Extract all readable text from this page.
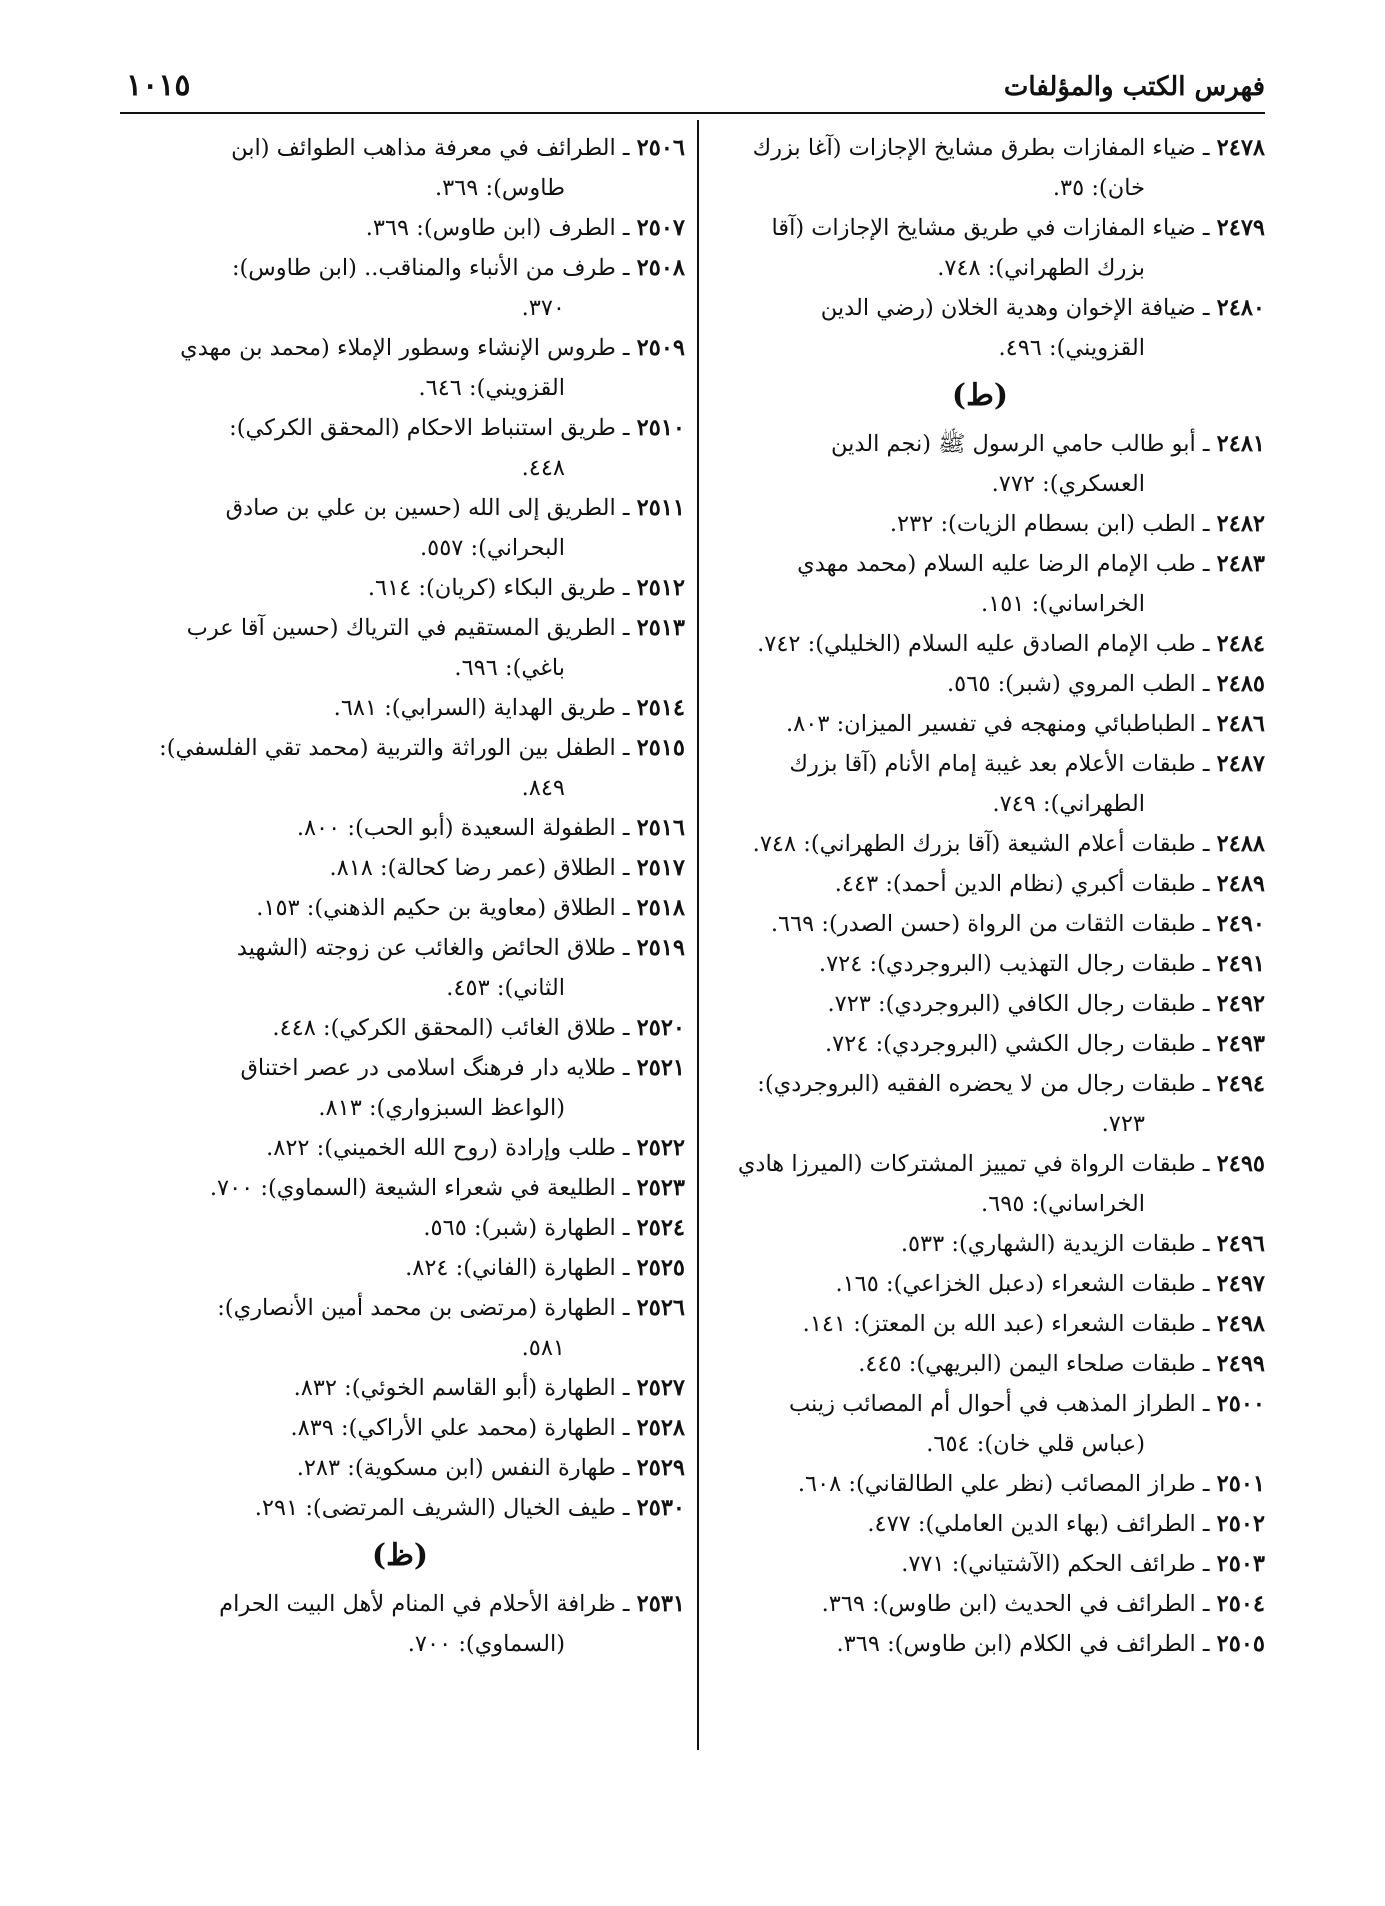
فهرس الكتب والمؤلفات
١٠١٥
٢٤٧٨ ـ ضياء المفازات بطرق مشايخ الإجازات (آغا بزرك
خان): ٣٥.
٢٤٧٩ ـ ضياء المفازات في طريق مشايخ الإجازات (آقا
بزرك الطهراني): ٧٤٨.
٢٤٨٠ ـ ضيافة الإخوان وهدية الخلان (رضي الدين
القزويني): ٤٩٦.
(ط)
٢٤٨١ ـ أبو طالب حامي الرسول ﷺ (نجم الدين
العسكري): ٧٧٢.
٢٤٨٢ ـ الطب (ابن بسطام الزيات): ٢٣٢.
٢٤٨٣ ـ طب الإمام الرضا عليه السلام (محمد مهدي
الخراساني): ١٥١.
٢٤٨٤ ـ طب الإمام الصادق عليه السلام (الخليلي): ٧٤٢.
٢٤٨٥ ـ الطب المروي (شبر): ٥٦٥.
٢٤٨٦ ـ الطباطبائي ومنهجه في تفسير الميزان: ٨٠٣.
٢٤٨٧ ـ طبقات الأعلام بعد غيبة إمام الأنام (آقا بزرك
الطهراني): ٧٤٩.
٢٤٨٨ ـ طبقات أعلام الشيعة (آقا بزرك الطهراني): ٧٤٨.
٢٤٨٩ ـ طبقات أكبري (نظام الدين أحمد): ٤٤٣.
٢٤٩٠ ـ طبقات الثقات من الرواة (حسن الصدر): ٦٦٩.
٢٤٩١ ـ طبقات رجال التهذيب (البروجردي): ٧٢٤.
٢٤٩٢ ـ طبقات رجال الكافي (البروجردي): ٧٢٣.
٢٤٩٣ ـ طبقات رجال الكشي (البروجردي): ٧٢٤.
٢٤٩٤ ـ طبقات رجال من لا يحضره الفقيه (البروجردي):
٧٢٣.
٢٤٩٥ ـ طبقات الرواة في تمييز المشتركات (الميرزا هادي
الخراساني): ٦٩٥.
٢٤٩٦ ـ طبقات الزيدية (الشهاري): ٥٣٣.
٢٤٩٧ ـ طبقات الشعراء (دعبل الخزاعي): ١٦٥.
٢٤٩٨ ـ طبقات الشعراء (عبد الله بن المعتز): ١٤١.
٢٤٩٩ ـ طبقات صلحاء اليمن (البريهي): ٤٤٥.
٢٥٠٠ ـ الطراز المذهب في أحوال أم المصائب زينب
(عباس قلي خان): ٦٥٤.
٢٥٠١ ـ طراز المصائب (نظر علي الطالقاني): ٦٠٨.
٢٥٠٢ ـ الطرائف (بهاء الدين العاملي): ٤٧٧.
٢٥٠٣ ـ طرائف الحكم (الآشتياني): ٧٧١.
٢٥٠٤ ـ الطرائف في الحديث (ابن طاوس): ٣٦٩.
٢٥٠٥ ـ الطرائف في الكلام (ابن طاوس): ٣٦٩.
٢٥٠٦ ـ الطرائف في معرفة مذاهب الطوائف (ابن
طاوس): ٣٦٩.
٢٥٠٧ ـ الطرف (ابن طاوس): ٣٦٩.
٢٥٠٨ ـ طرف من الأنباء والمناقب.. (ابن طاوس):
٣٧٠.
٢٥٠٩ ـ طروس الإنشاء وسطور الإملاء (محمد بن مهدي
القزويني): ٦٤٦.
٢٥١٠ ـ طريق استنباط الاحكام (المحقق الكركي):
٤٤٨.
٢٥١١ ـ الطريق إلى الله (حسين بن علي بن صادق
البحراني): ٥٥٧.
٢٥١٢ ـ طريق البكاء (كريان): ٦١٤.
٢٥١٣ ـ الطريق المستقيم في الترياك (حسين آقا عرب
باغي): ٦٩٦.
٢٥١٤ ـ طريق الهداية (السرابي): ٦٨١.
٢٥١٥ ـ الطفل بين الوراثة والتربية (محمد تقي الفلسفي):
٨٤٩.
٢٥١٦ ـ الطفولة السعيدة (أبو الحب): ٨٠٠.
٢٥١٧ ـ الطلاق (عمر رضا كحالة): ٨١٨.
٢٥١٨ ـ الطلاق (معاوية بن حكيم الذهني): ١٥٣.
٢٥١٩ ـ طلاق الحائض والغائب عن زوجته (الشهيد
الثاني): ٤٥٣.
٢٥٢٠ ـ طلاق الغائب (المحقق الكركي): ٤٤٨.
٢٥٢١ ـ طلايه دار فرهنگ اسلامى در عصر اختناق
(الواعظ السبزواري): ٨١٣.
٢٥٢٢ ـ طلب وإرادة (روح الله الخميني): ٨٢٢.
٢٥٢٣ ـ الطليعة في شعراء الشيعة (السماوي): ٧٠٠.
٢٥٢٤ ـ الطهارة (شبر): ٥٦٥.
٢٥٢٥ ـ الطهارة (الفاني): ٨٢٤.
٢٥٢٦ ـ الطهارة (مرتضى بن محمد أمين الأنصاري):
٥٨١.
٢٥٢٧ ـ الطهارة (أبو القاسم الخوئي): ٨٣٢.
٢٥٢٨ ـ الطهارة (محمد علي الأراكي): ٨٣٩.
٢٥٢٩ ـ طهارة النفس (ابن مسكوية): ٢٨٣.
٢٥٣٠ ـ طيف الخيال (الشريف المرتضى): ٢٩١.
(ظ)
٢٥٣١ ـ ظرافة الأحلام في المنام لأهل البيت الحرام
(السماوي): ٧٠٠.
